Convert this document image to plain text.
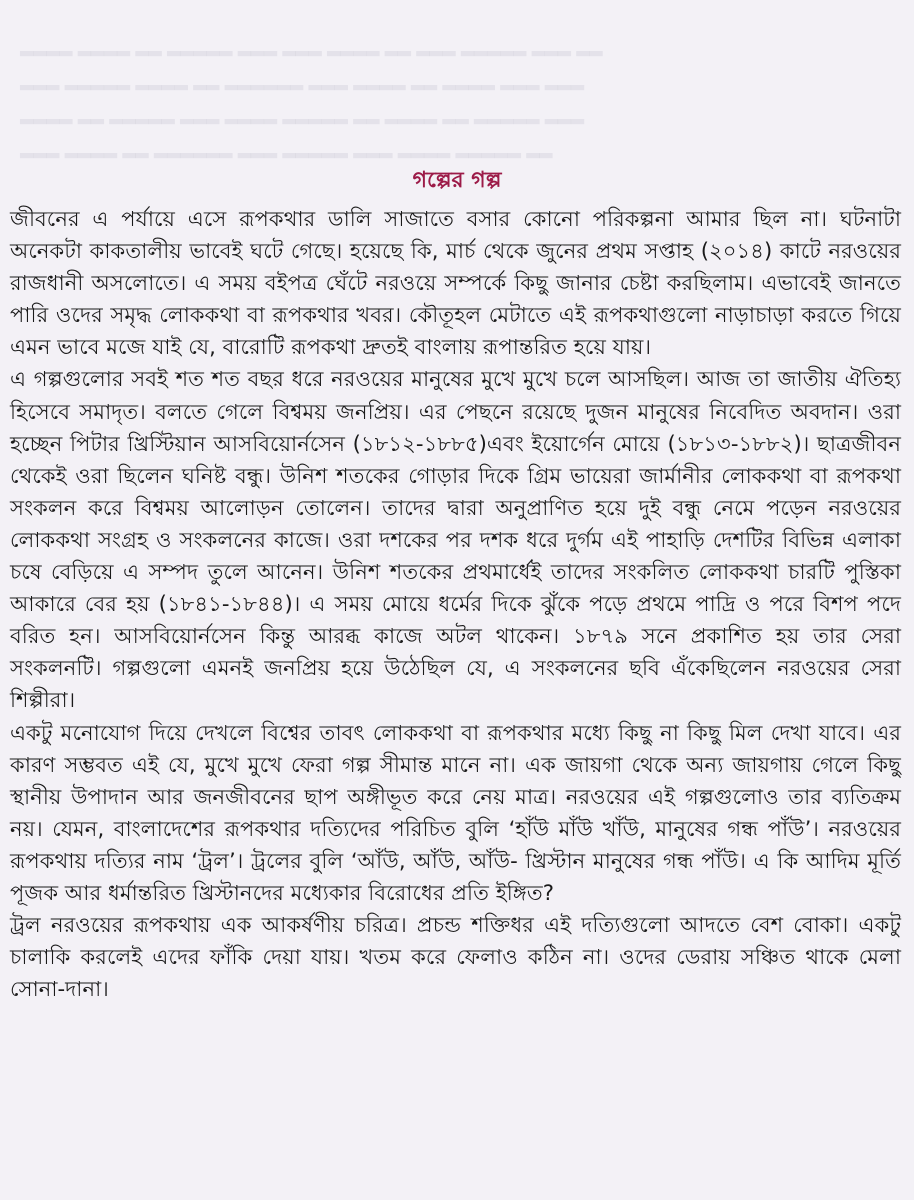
▂▂▂▂ ▂▂▂▂ ▂▂ ▂▂▂▂▂ ▂▂▂ ▂▂▂ ▂▂▂▂ ▂▂ ▂▂▂ ▂▂▂▂▂ ▂▂▂ ▂▂
▂▂▂ ▂▂▂▂▂ ▂▂▂▂ ▂▂ ▂▂▂▂▂▂ ▂▂▂ ▂▂▂▂ ▂▂ ▂▂▂▂ ▂▂▂ ▂▂▂
▂▂▂▂ ▂▂ ▂▂▂▂▂ ▂▂▂ ▂▂▂▂ ▂▂▂▂▂ ▂▂ ▂▂▂▂ ▂▂ ▂▂▂▂▂ ▂▂▂
▂▂▂ ▂▂▂▂ ▂▂ ▂▂▂▂▂▂ ▂▂▂ ▂▂▂▂▂ ▂▂▂ ▂▂▂▂ ▂▂▂▂▂ ▂▂
গল্পের গল্প

জীবনের এ পর্যায়ে এসে রূপকথার ডালি সাজাতে বসার কোনো পরিকল্পনা আমার ছিল না। ঘটনাটা অনেকটা কাকতালীয় ভাবেই ঘটে গেছে। হয়েছে কি, মার্চ থেকে জুনের প্রথম সপ্তাহ (২০১৪) কাটে নরওয়ের রাজধানী অসলোতে। এ সময় বইপত্র ঘেঁটে নরওয়ে সম্পর্কে কিছু জানার চেষ্টা করছিলাম। এভাবেই জানতে পারি ওদের সমৃদ্ধ লোককথা বা রূপকথার খবর। কৌতূহল মেটাতে এই রূপকথাগুলো নাড়াচাড়া করতে গিয়ে এমন ভাবে মজে যাই যে, বারোটি রূপকথা দ্রুতই বাংলায় রূপান্তরিত হয়ে যায়।

এ গল্পগুলোর সবই শত শত বছর ধরে নরওয়ের মানুষের মুখে মুখে চলে আসছিল। আজ তা জাতীয় ঐতিহ্য হিসেবে সমাদৃত। বলতে গেলে বিশ্বময় জনপ্রিয়। এর পেছনে রয়েছে দুজন মানুষের নিবেদিত অবদান। ওরা হচ্ছেন পিটার খ্রিস্টিয়ান আসবিয়োর্নসেন (১৮১২-১৮৮৫)এবং ইয়োর্গেন মোয়ে (১৮১৩-১৮৮২)। ছাত্রজীবন থেকেই ওরা ছিলেন ঘনিষ্ট বন্ধু। উনিশ শতকের গোড়ার দিকে গ্রিম ভায়েরা জার্মানীর লোককথা বা রূপকথা সংকলন করে বিশ্বময় আলোড়ন তোলেন। তাদের দ্বারা অনুপ্রাণিত হয়ে দুই বন্ধু নেমে পড়েন নরওয়ের লোককথা সংগ্রহ ও সংকলনের কাজে। ওরা দশকের পর দশক ধরে দুর্গম এই পাহাড়ি দেশটির বিভিন্ন এলাকা চষে বেড়িয়ে এ সম্পদ তুলে আনেন। উনিশ শতকের প্রথমার্ধেই তাদের সংকলিত লোককথা চারটি পুস্তিকা আকারে বের হয় (১৮৪১-১৮৪৪)। এ সময় মোয়ে ধর্মের দিকে ঝুঁকে পড়ে প্রথমে পাদ্রি ও পরে বিশপ পদে বরিত হন। আসবিয়োর্নসেন কিন্তু আরব্ধ কাজে অটল থাকেন। ১৮৭৯ সনে প্রকাশিত হয় তার সেরা সংকলনটি। গল্পগুলো এমনই জনপ্রিয় হয়ে উঠেছিল যে, এ সংকলনের ছবি এঁকেছিলেন নরওয়ের সেরা শিল্পীরা।

একটু মনোযোগ দিয়ে দেখলে বিশ্বের তাবৎ লোককথা বা রূপকথার মধ্যে কিছু না কিছু মিল দেখা যাবে। এর কারণ সম্ভবত এই যে, মুখে মুখে ফেরা গল্প সীমান্ত মানে না। এক জায়গা থেকে অন্য জায়গায় গেলে কিছু স্থানীয় উপাদান আর জনজীবনের ছাপ অঙ্গীভূত করে নেয় মাত্র। নরওয়ের এই গল্পগুলোও তার ব্যতিক্রম নয়। যেমন, বাংলাদেশের রূপকথার দত্যিদের পরিচিত বুলি ‘হাঁউ মাঁউ খাঁউ, মানুষের গন্ধ পাঁউ’। নরওয়ের রূপকথায় দত্যির নাম ‘ট্রল’। ট্রলের বুলি ‘আঁউ, আঁউ, আঁউ- খ্রিস্টান মানুষের গন্ধ পাঁউ। এ কি আদিম মূর্তি পূজক আর ধর্মান্তরিত খ্রিস্টানদের মধ্যেকার বিরোধের প্রতি ইঙ্গিত?

ট্রল নরওয়ের রূপকথায় এক আকর্ষণীয় চরিত্র। প্রচন্ড শক্তিধর এই দত্যিগুলো আদতে বেশ বোকা। একটু চালাকি করলেই এদের ফাঁকি দেয়া যায়। খতম করে ফেলাও কঠিন না। ওদের ডেরায় সঞ্চিত থাকে মেলা সোনা-দানা।
